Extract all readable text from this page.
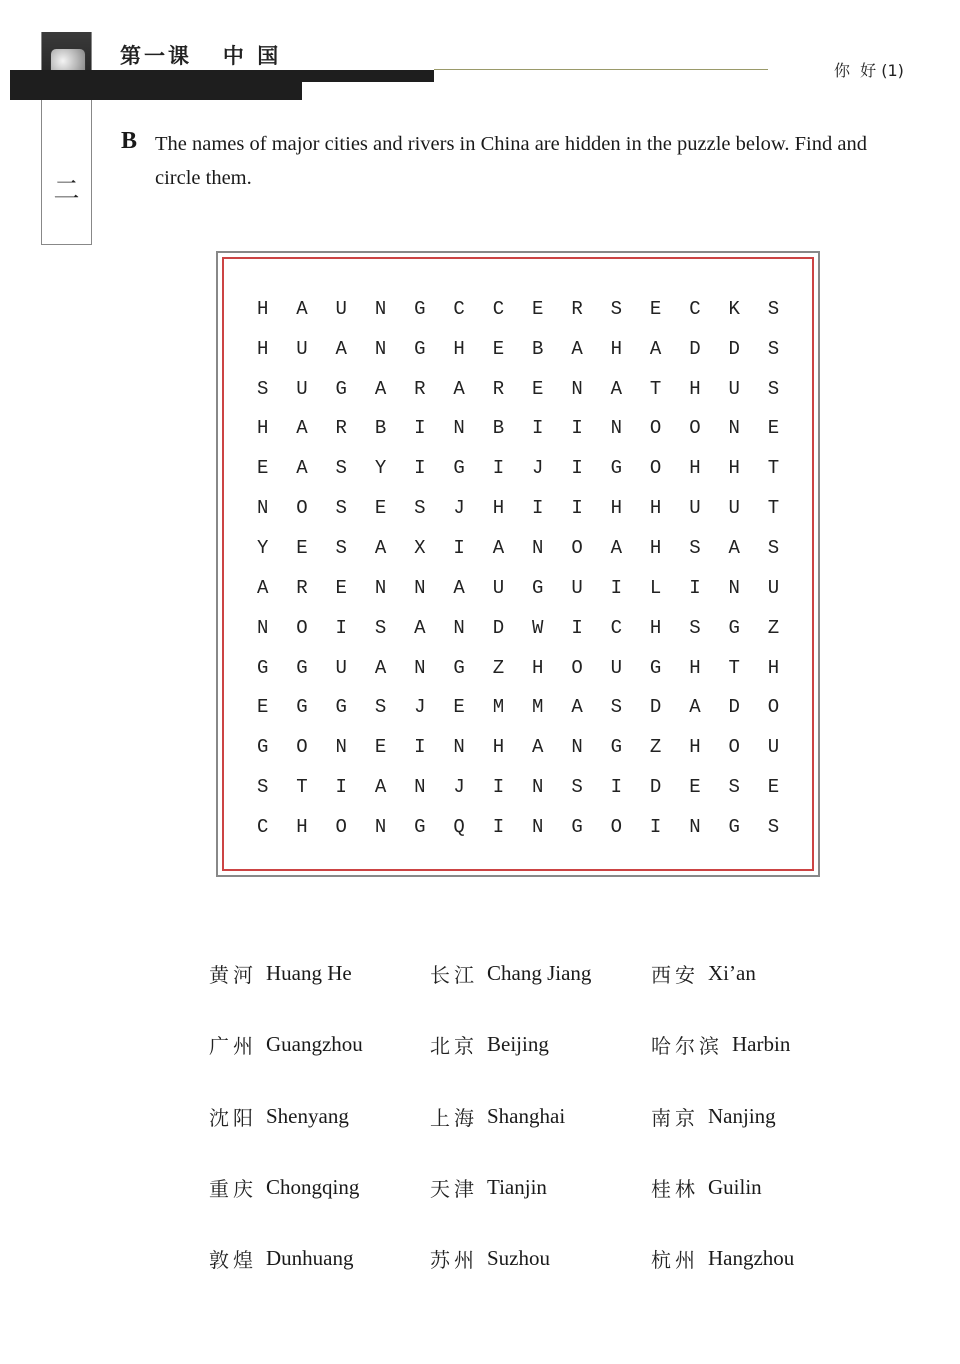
二
第一课   中 国
你  好 (1)
B The names of major cities and rivers in China are hidden in the puzzle below. Find and circle them.
H	A	U	N	G	C	C	E	R	S	E	C	K	S
H	U	A	N	G	H	E	B	A	H	A	D	D	S
S	U	G	A	R	A	R	E	N	A	T	H	U	S
H	A	R	B	I	N	B	I	I	N	O	O	N	E
E	A	S	Y	I	G	I	J	I	G	O	H	H	T
N	O	S	E	S	J	H	I	I	H	H	U	U	T
Y	E	S	A	X	I	A	N	O	A	H	S	A	S
A	R	E	N	N	A	U	G	U	I	L	I	N	U
N	O	I	S	A	N	D	W	I	C	H	S	G	Z
G	G	U	A	N	G	Z	H	O	U	G	H	T	H
E	G	G	S	J	E	M	M	A	S	D	A	D	O
G	O	N	E	I	N	H	A	N	G	Z	H	O	U
S	T	I	A	N	J	I	N	S	I	D	E	S	E
C	H	O	N	G	Q	I	N	G	O	I	N	G	S
黄河 Huang He	长江 Chang Jiang	西安 Xi’an
广州 Guangzhou	北京 Beijing	哈尔滨 Harbin
沈阳 Shenyang	上海 Shanghai	南京 Nanjing
重庆 Chongqing	天津 Tianjin	桂林 Guilin
敦煌 Dunhuang	苏州 Suzhou	杭州 Hangzhou
